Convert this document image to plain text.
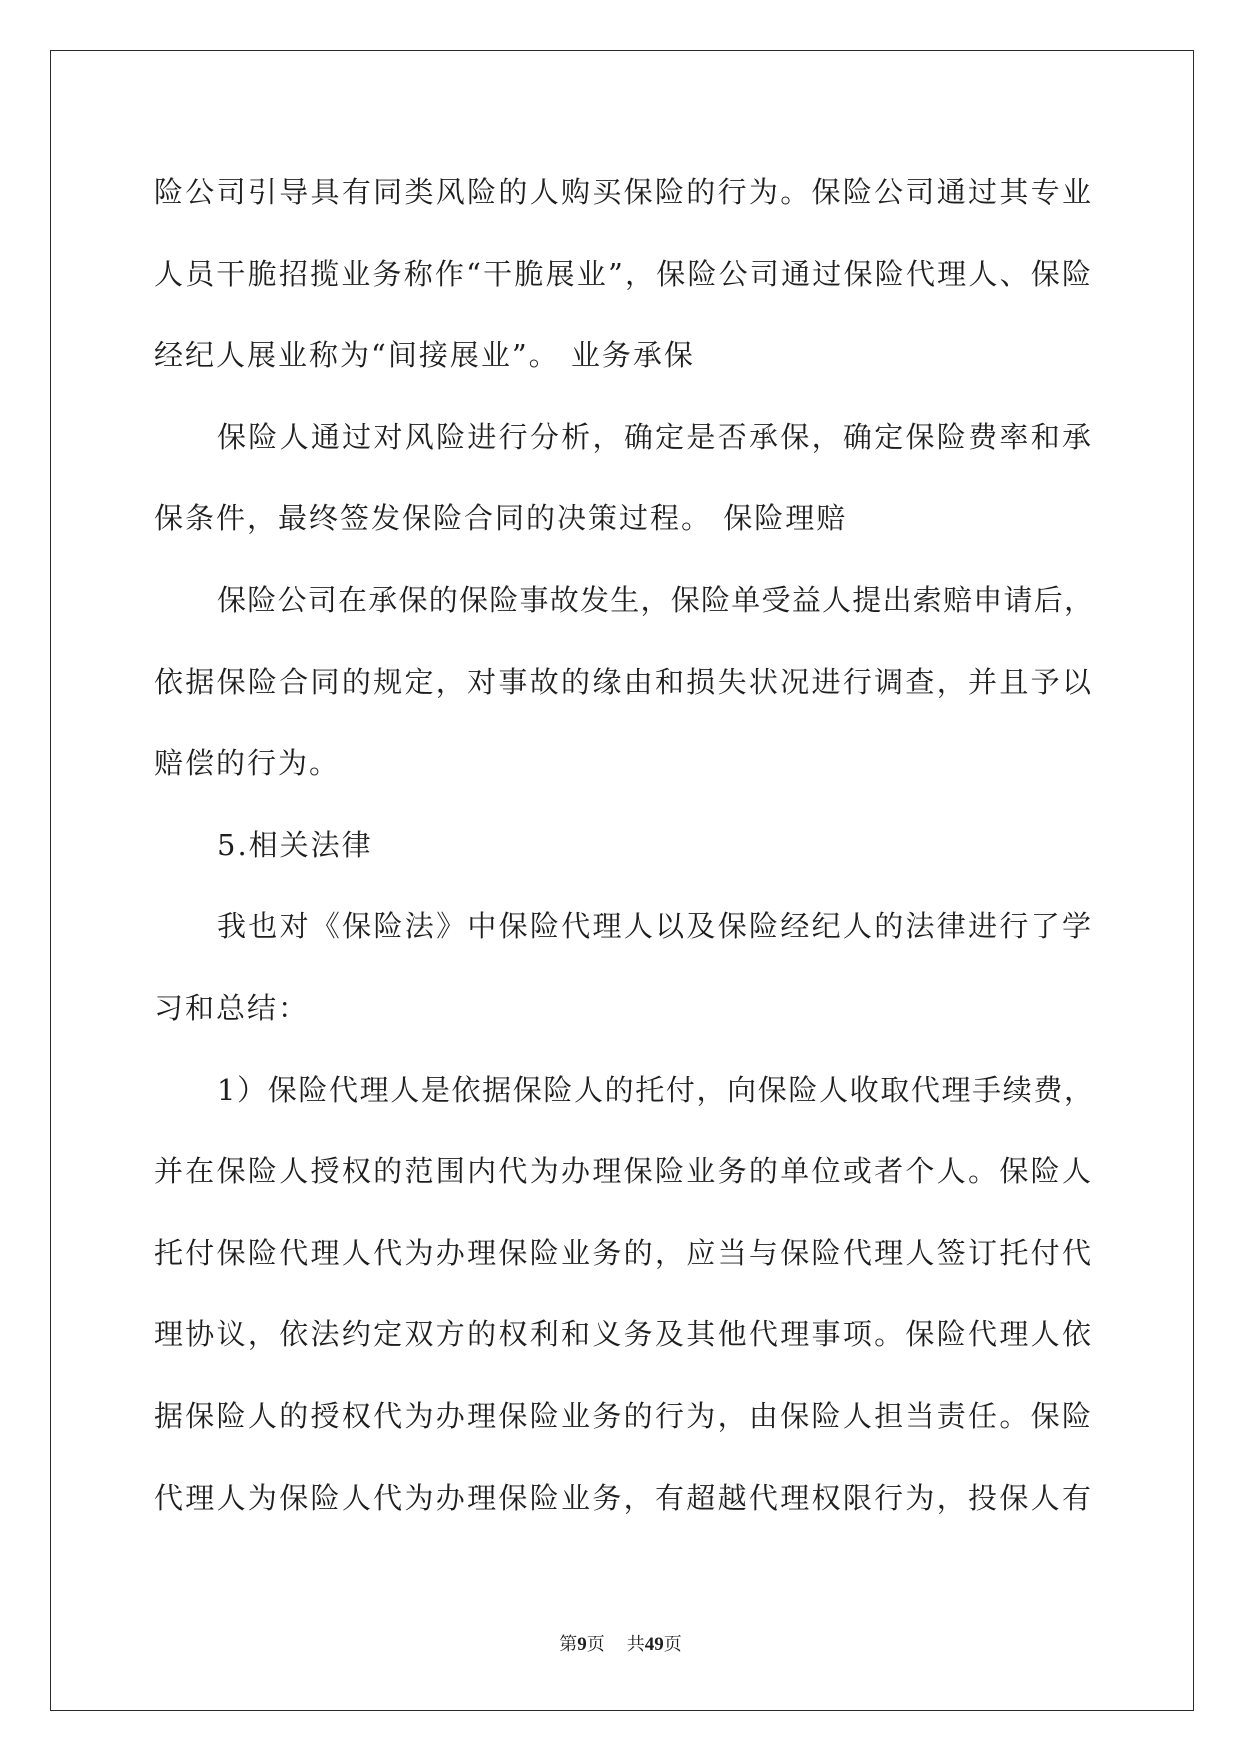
险公司引导具有同类风险的人购买保险的行为。保险公司通过其专业
人员干脆招揽业务称作“干脆展业”，保险公司通过保险代理人、保险
经纪人展业称为“间接展业”。 业务承保
保险人通过对风险进行分析，确定是否承保，确定保险费率和承
保条件，最终签发保险合同的决策过程。 保险理赔
保险公司在承保的保险事故发生，保险单受益人提出索赔申请后，
依据保险合同的规定，对事故的缘由和损失状况进行调查，并且予以
赔偿的行为。
5.相关法律
我也对《保险法》中保险代理人以及保险经纪人的法律进行了学
习和总结：
1）保险代理人是依据保险人的托付，向保险人收取代理手续费，
并在保险人授权的范围内代为办理保险业务的单位或者个人。保险人
托付保险代理人代为办理保险业务的，应当与保险代理人签订托付代
理协议，依法约定双方的权利和义务及其他代理事项。保险代理人依
据保险人的授权代为办理保险业务的行为，由保险人担当责任。保险
代理人为保险人代为办理保险业务，有超越代理权限行为，投保人有
第9页 共49页
